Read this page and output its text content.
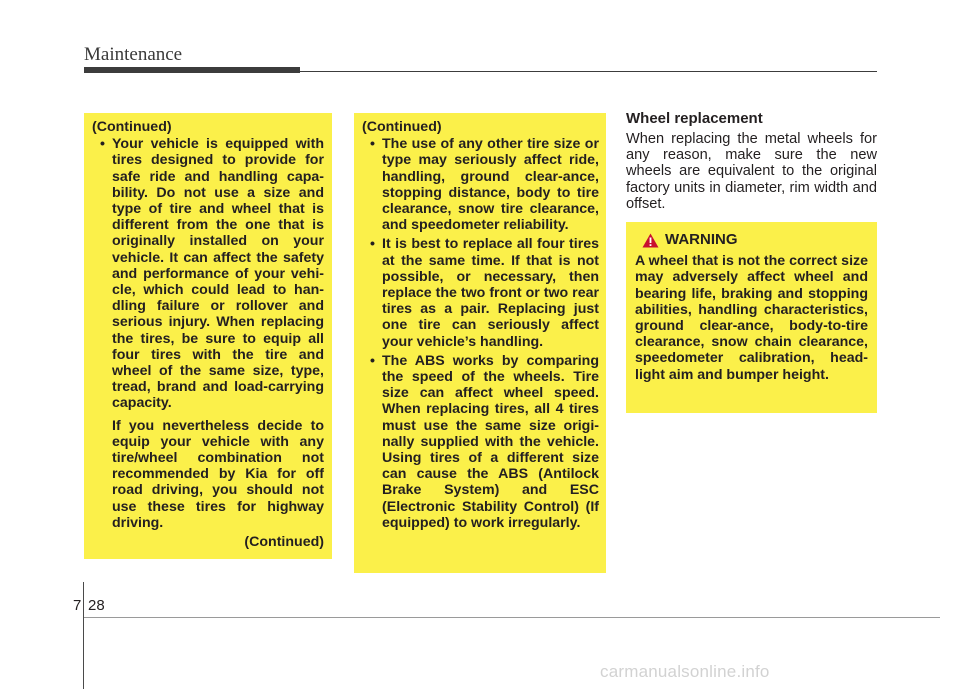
Maintenance
(Continued)
• Your vehicle is equipped with tires designed to provide for safe ride and handling capa-bility. Do not use a size and type of tire and wheel that is different from the one that is originally installed on your vehicle. It can affect the safety and performance of your vehi-cle, which could lead to han-dling failure or rollover and serious injury. When replacing the tires, be sure to equip all four tires with the tire and wheel of the same size, type, tread, brand and load-carrying capacity.
If you nevertheless decide to equip your vehicle with any tire/wheel combination not recommended by Kia for off road driving, you should not use these tires for highway driving.
(Continued)
(Continued)
• The use of any other tire size or type may seriously affect ride, handling, ground clear-ance, stopping distance, body to tire clearance, snow tire clearance, and speedometer reliability.
• It is best to replace all four tires at the same time. If that is not possible, or necessary, then replace the two front or two rear tires as a pair. Replacing just one tire can seriously affect your vehicle’s handling.
• The ABS works by comparing the speed of the wheels. Tire size can affect wheel speed. When replacing tires, all 4 tires must use the same size origi-nally supplied with the vehicle. Using tires of a different size can cause the ABS (Antilock Brake System) and ESC (Electronic Stability Control) (If equipped) to work irregularly.
Wheel replacement

When replacing the metal wheels for any reason, make sure the new wheels are equivalent to the original factory units in diameter, rim width and offset.

WARNING

A wheel that is not the correct size may adversely affect wheel and bearing life, braking and stopping abilities, handling characteristics, ground clear-ance, body-to-tire clearance, snow chain clearance, speedometer calibration, head-light aim and bumper height.

7 28
carmanualsonline.info
